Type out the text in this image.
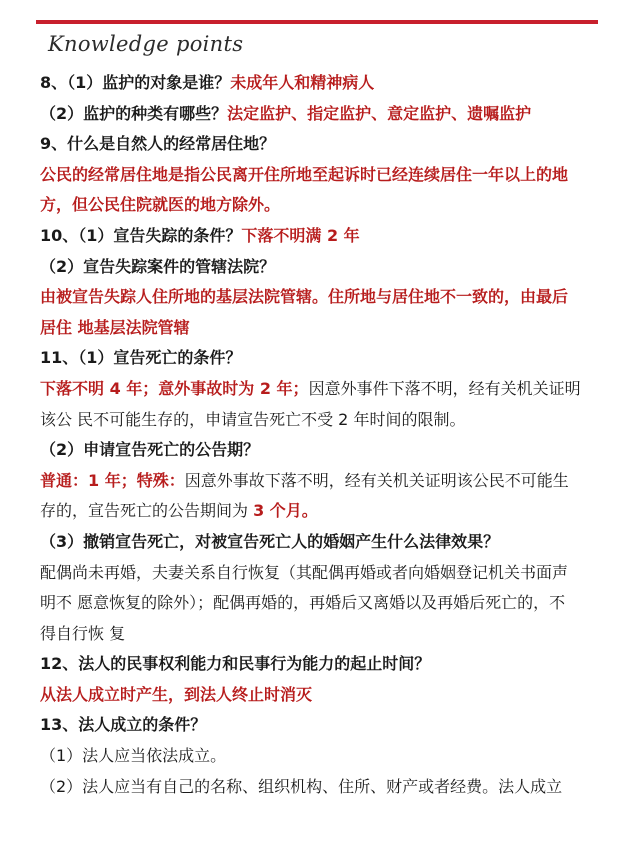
Knowledge points
8、（1）监护的对象是谁？未成年人和精神病人
（2）监护的种类有哪些？法定监护、指定监护、意定监护、遗嘱监护
9、什么是自然人的经常居住地？
公民的经常居住地是指公民离开住所地至起诉时已经连续居住一年以上的地
方，但公民住院就医的地方除外。
10、（1）宣告失踪的条件？下落不明满 2 年
（2）宣告失踪案件的管辖法院？
由被宣告失踪人住所地的基层法院管辖。住所地与居住地不一致的，由最后
居住 地基层法院管辖
11、（1）宣告死亡的条件？
下落不明 4 年；意外事故时为 2 年；因意外事件下落不明，经有关机关证明
该公 民不可能生存的，申请宣告死亡不受 2 年时间的限制。
（2）申请宣告死亡的公告期？
普通：1 年；特殊：因意外事故下落不明，经有关机关证明该公民不可能生
存的，宣告死亡的公告期间为 3 个月。
（3）撤销宣告死亡，对被宣告死亡人的婚姻产生什么法律效果？
配偶尚未再婚，夫妻关系自行恢复（其配偶再婚或者向婚姻登记机关书面声
明不 愿意恢复的除外）；配偶再婚的，再婚后又离婚以及再婚后死亡的，不
得自行恢 复
12、法人的民事权利能力和民事行为能力的起止时间？
从法人成立时产生，到法人终止时消灭
13、法人成立的条件？
（1）法人应当依法成立。
（2）法人应当有自己的名称、组织机构、住所、财产或者经费。法人成立
